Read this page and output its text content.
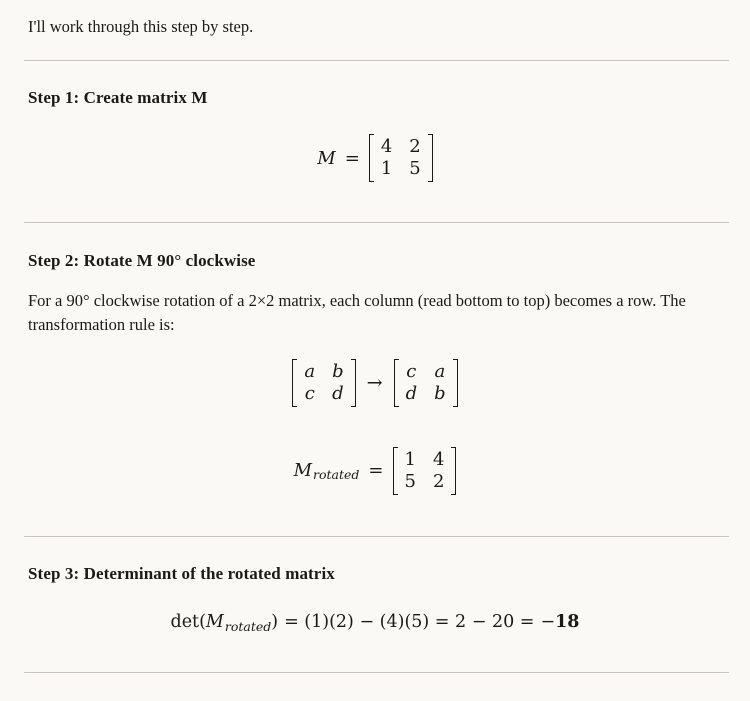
I'll work through this step by step.

Step 1: Create matrix M
M =
4 2
1 5
Step 2: Rotate M 90° clockwise

For a 90° clockwise rotation of a 2×2 matrix, each column (read bottom to top) becomes a row. The transformation rule is:

a b
c d	→
c a
d b
M rotated =
1 4
5 2
Step 3: Determinant of the rotated matrix
det( M rotated ) = (1)(2) − (4)(5) = 2 − 20 = − 18
